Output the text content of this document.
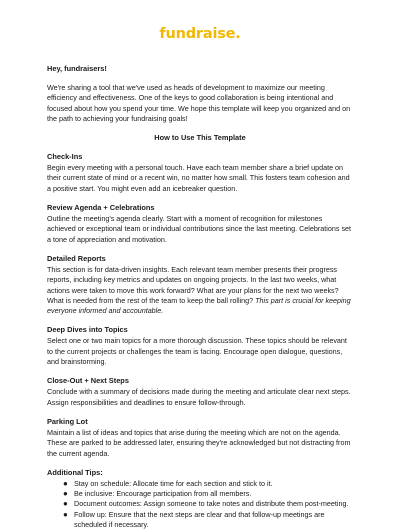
fundraise.
Hey, fundraisers!

We're sharing a tool that we've used as heads of development to maximize our meeting efficiency and effectiveness. One of the keys to good collaboration is being intentional and focused about how you spend your time. We hope this template will keep you organized and on the path to achieving your fundraising goals!

How to Use This Template
Check-Ins

Begin every meeting with a personal touch. Have each team member share a brief update on their current state of mind or a recent win, no matter how small. This fosters team cohesion and a positive start. You might even add an icebreaker question.

Review Agenda + Celebrations

Outline the meeting's agenda clearly. Start with a moment of recognition for milestones achieved or exceptional team or individual contributions since the last meeting. Celebrations set a tone of appreciation and motivation.

Detailed Reports

This section is for data-driven insights. Each relevant team member presents their progress reports, including key metrics and updates on ongoing projects. In the last two weeks, what actions were taken to move this work forward? What are your plans for the next two weeks? What is needed from the rest of the team to keep the ball rolling? This part is crucial for keeping everyone informed and accountable.

Deep Dives into Topics

Select one or two main topics for a more thorough discussion. These topics should be relevant to the current projects or challenges the team is facing. Encourage open dialogue, questions, and brainstorming.

Close-Out + Next Steps

Conclude with a summary of decisions made during the meeting and articulate clear next steps. Assign responsibilities and deadlines to ensure follow-through.

Parking Lot

Maintain a list of ideas and topics that arise during the meeting which are not on the agenda. These are parked to be addressed later, ensuring they're acknowledged but not distracting from the current agenda.

Additional Tips:
● Stay on schedule: Allocate time for each section and stick to it.
● Be inclusive: Encourage participation from all members.
● Document outcomes: Assign someone to take notes and distribute them post-meeting.
● Follow up: Ensure that the next steps are clear and that follow-up meetings are scheduled if necessary.
